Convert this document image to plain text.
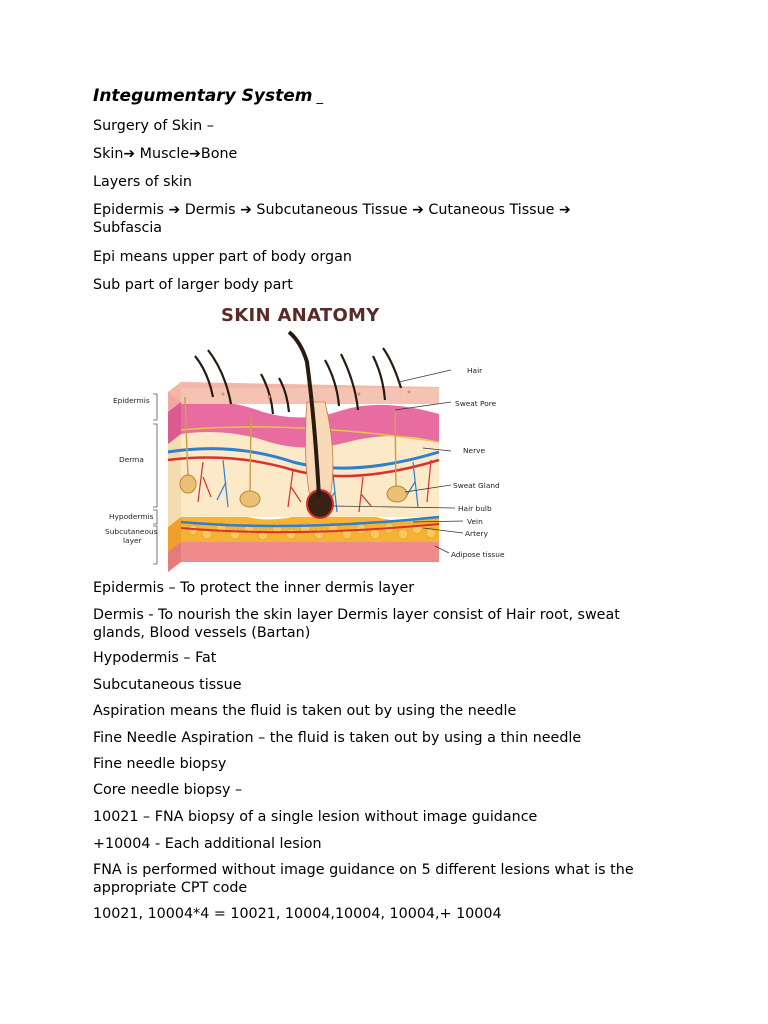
Integumentary System _
Surgery of Skin –
Skin➔ Muscle➔Bone
Layers of skin
Epidermis ➔ Dermis ➔ Subcutaneous Tissue ➔ Cutaneous Tissue ➔ Subfascia
Epi means upper part of body organ
Sub part of larger body part
Epidermis – To protect the inner dermis layer
Dermis - To nourish the skin layer Dermis layer consist of Hair root, sweat glands, Blood vessels (Bartan)
Hypodermis – Fat
Subcutaneous tissue
Aspiration means the fluid is taken out by using the needle
Fine Needle Aspiration – the fluid is taken out by using a thin needle
Fine needle biopsy
Core needle biopsy –
10021 – FNA biopsy of a single lesion without image guidance
+10004 - Each additional lesion
FNA is performed without image guidance on 5 different lesions what is the appropriate CPT code
10021, 10004*4 = 10021, 10004,10004, 10004,+ 10004
SKIN ANATOMY
Epidermis
Derma
Hypodermis
Subcutaneous
layer
Hair
Sweat Pore
Nerve
Sweat Gland
Hair bulb
Vein
Artery
Adipose tissue
